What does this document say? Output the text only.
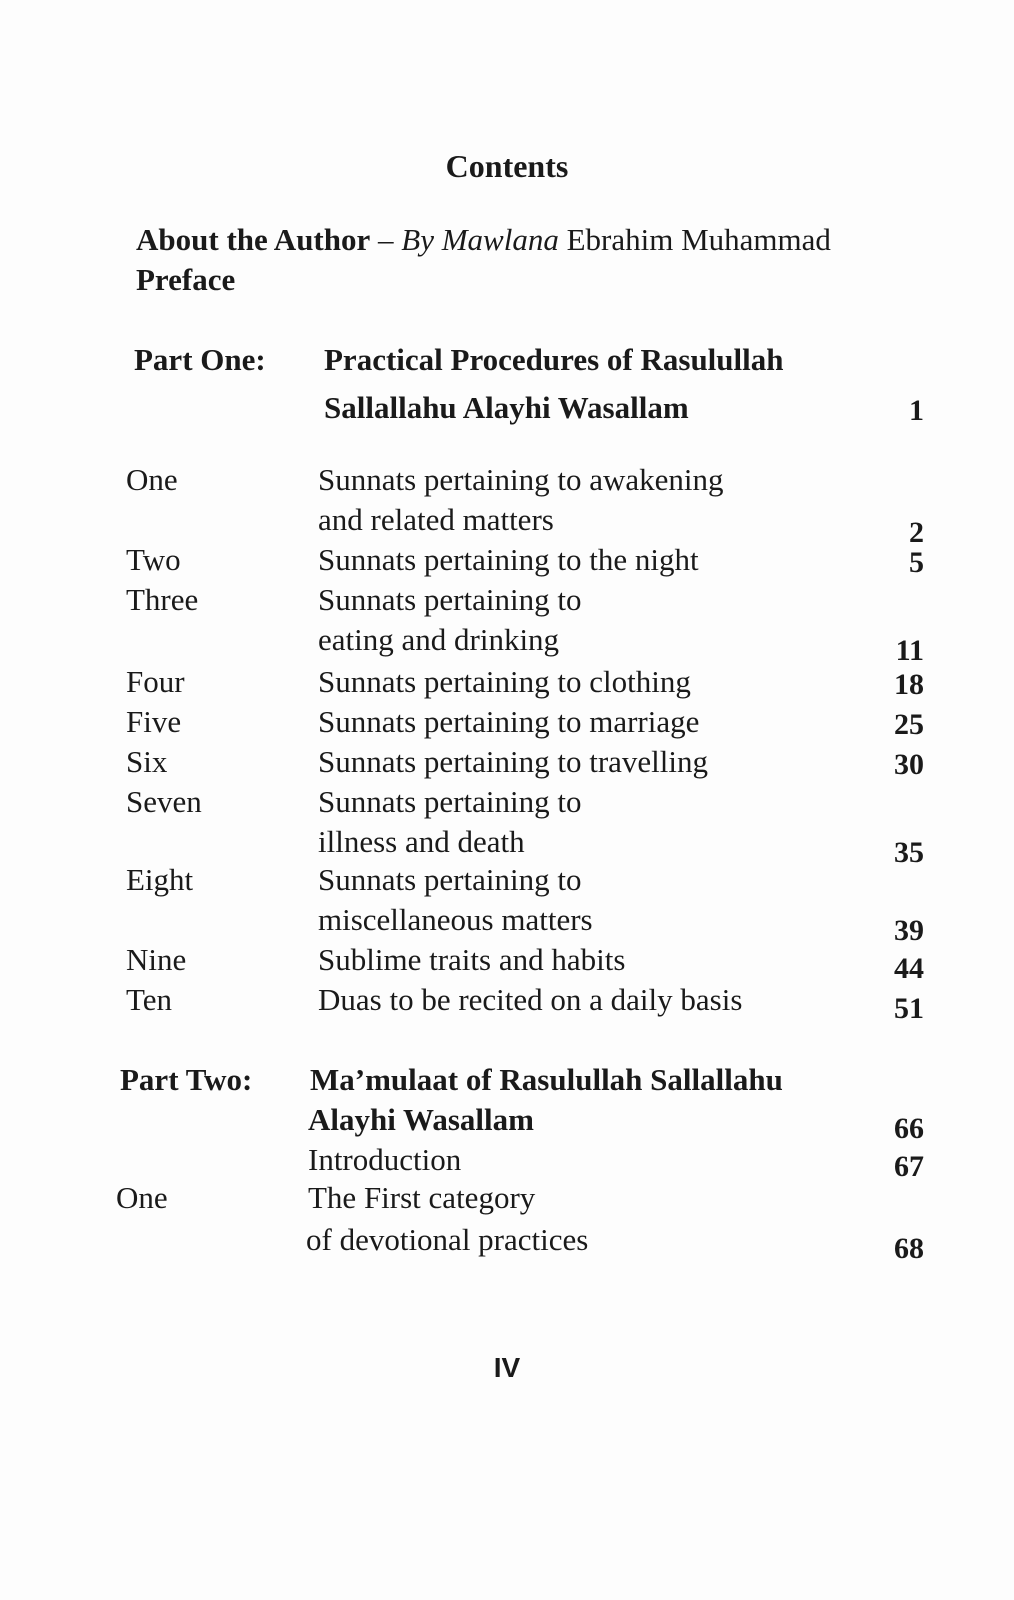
Contents
About the Author – By Mawlana Ebrahim Muhammad
Preface
Part One: Practical Procedures of Rasulullah
Sallallahu Alayhi Wasallam	1
One	Sunnats pertaining to awakening
and related matters	2
Two	Sunnats pertaining to the night	5
Three	Sunnats pertaining to
eating and drinking	11
Four	Sunnats pertaining to clothing	18
Five	Sunnats pertaining to marriage	25
Six	Sunnats pertaining to travelling	30
Seven	Sunnats pertaining to
illness and death	35
Eight	Sunnats pertaining to
miscellaneous matters	39
Nine	Sublime traits and habits	44
Ten	Duas to be recited on a daily basis	51
Part Two: Ma’mulaat of Rasulullah Sallallahu
Alayhi Wasallam	66
Introduction	67
One	The First category
of devotional practices	68
IV
